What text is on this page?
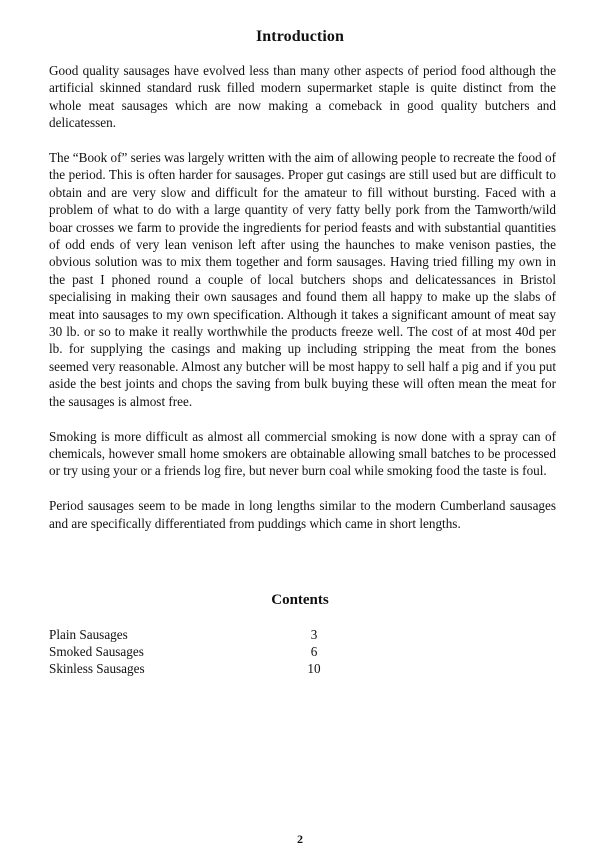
Introduction

Good quality sausages have evolved less than many other aspects of period food although the artificial skinned standard rusk filled modern supermarket staple is quite distinct from the whole meat sausages which are now making a comeback in good quality butchers and delicatessen.

The “Book of” series was largely written with the aim of allowing people to recreate the food of the period. This is often harder for sausages. Proper gut casings are still used but are difficult to obtain and are very slow and difficult for the amateur to fill without bursting. Faced with a problem of what to do with a large quantity of very fatty belly pork from the Tamworth/wild boar crosses we farm to provide the ingredients for period feasts and with substantial quantities of odd ends of very lean venison left after using the haunches to make venison pasties, the obvious solution was to mix them together and form sausages. Having tried filling my own in the past I phoned round a couple of local butchers shops and delicatessances in Bristol specialising in making their own sausages and found them all happy to make up the slabs of meat into sausages to my own specification. Although it takes a significant amount of meat say 30 lb. or so to make it really worthwhile the products freeze well. The cost of at most 40d per lb. for supplying the casings and making up including stripping the meat from the bones seemed very reasonable. Almost any butcher will be most happy to sell half a pig and if you put aside the best joints and chops the saving from bulk buying these will often mean the meat for the sausages is almost free.

Smoking is more difficult as almost all commercial smoking is now done with a spray can of chemicals, however small home smokers are obtainable allowing small batches to be processed or try using your or a friends log fire, but never burn coal while smoking food the taste is foul.

Period sausages seem to be made in long lengths similar to the modern Cumberland sausages and are specifically differentiated from puddings which came in short lengths.

Contents
Plain Sausages	3
Smoked Sausages	6
Skinless Sausages	10
2
